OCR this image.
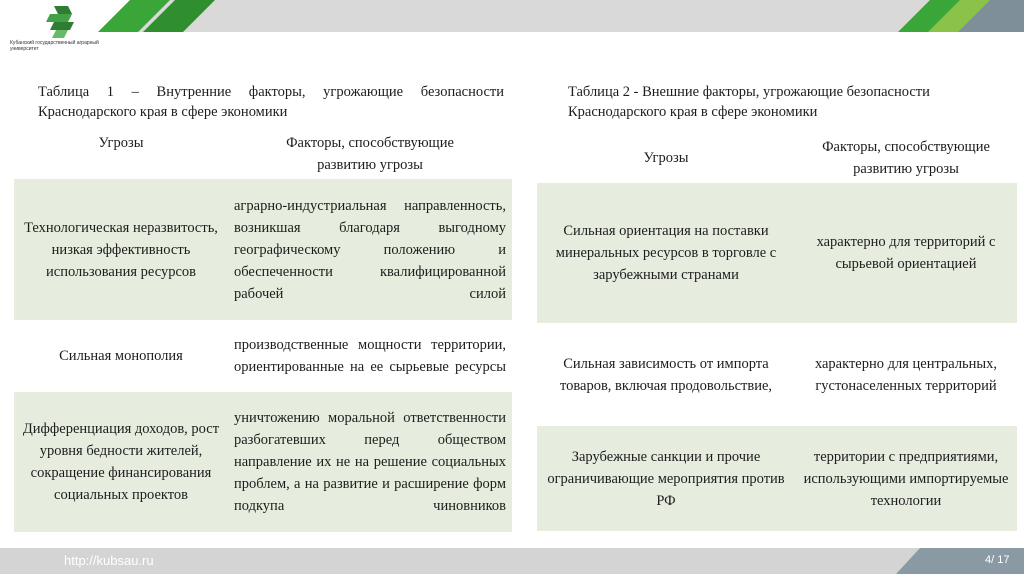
Кубанский государственный аграрный университет
Таблица 1 – Внутренние факторы, угрожающие безопасности
Краснодарского края в сфере экономики
Угрозы	Факторы, способствующие
развитию угрозы

Технологическая неразвитость, низкая эффективность использования ресурсов	аграрно-индустриальная направленность, возникшая благодаря выгодному географическому положению и обеспеченности квалифицированной рабочей силой
Сильная монополия	производственные мощности территории, ориентированные на ее сырьевые ресурсы
Дифференциация доходов, рост уровня бедности жителей, сокращение финансирования социальных проектов	уничтожению моральной ответственности разбогатевших перед обществом направление их не на решение социальных проблем, а на развитие и расширение форм подкупа чиновников
Таблица 2 - Внешние факторы, угрожающие безопасности
Краснодарского края в сфере экономики
Угрозы	Факторы, способствующие
развитию угрозы

Сильная ориентация на поставки минеральных ресурсов в торговле с зарубежными странами	характерно для территорий с сырьевой ориентацией
Сильная зависимость от импорта товаров, включая продовольствие,	характерно для центральных, густонаселенных территорий
Зарубежные санкции и прочие ограничивающие мероприятия против РФ	территории с предприятиями, использующими импортируемые технологии
http://kubsau.ru	4/ 17
